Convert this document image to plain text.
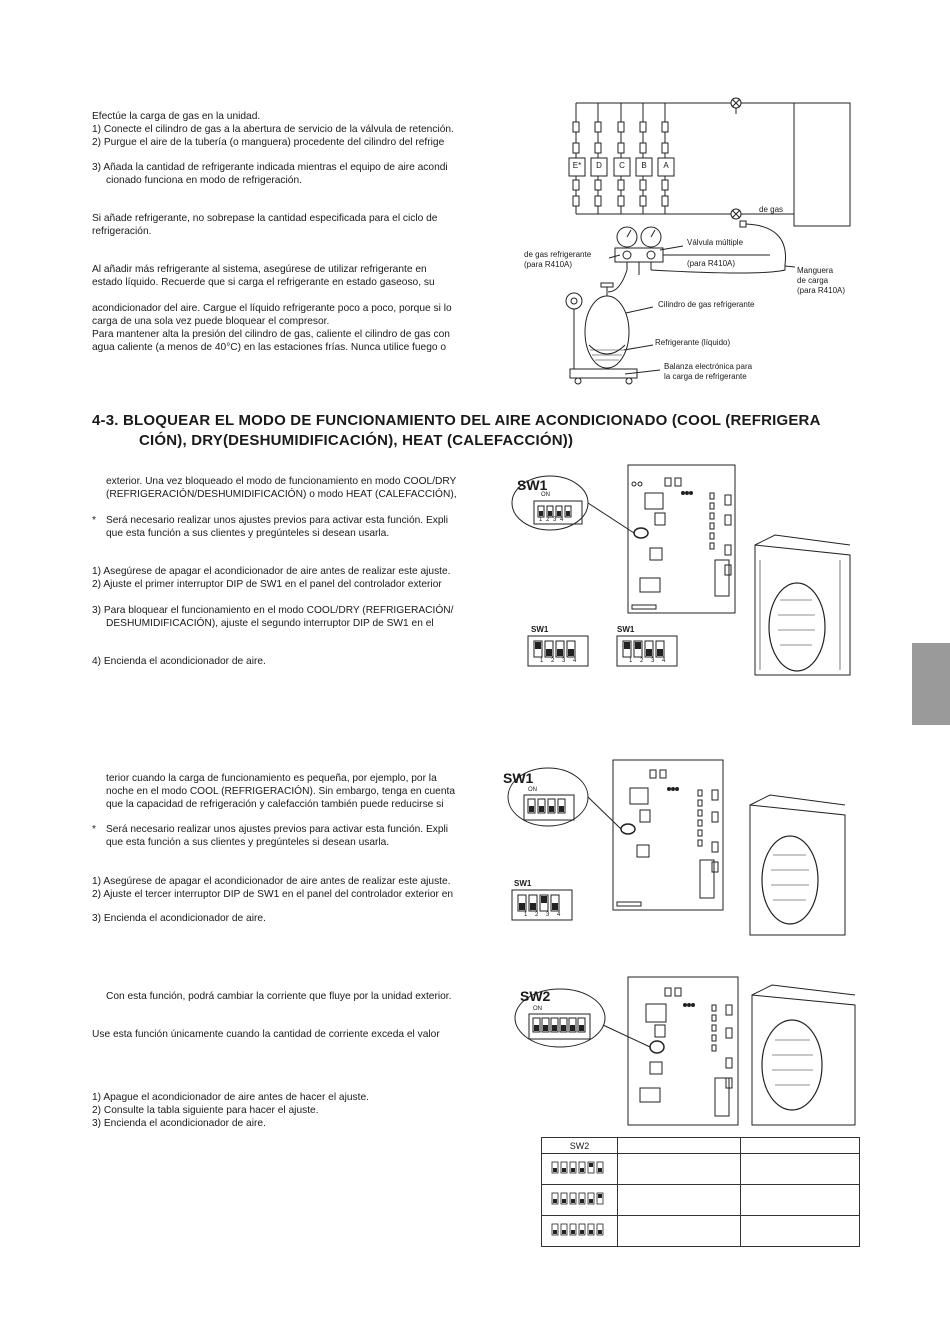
Efectúe la carga de gas en la unidad.
1) Conecte el cilindro de gas a la abertura de servicio de la válvula de retención.
2) Purgue el aire de la tubería (o manguera) procedente del cilindro del refrige
3) Añada la cantidad de refrigerante indicada mientras el equipo de aire acondi
cionado funciona en modo de refrigeración.
Si añade refrigerante, no sobrepase la cantidad especificada para el ciclo de
refrigeración.
Al añadir más refrigerante al sistema, asegúrese de utilizar refrigerante en
estado líquido. Recuerde que si carga el refrigerante en estado gaseoso, su
acondicionador del aire. Cargue el líquido refrigerante poco a poco, porque si lo
carga de una sola vez puede bloquear el compresor.
Para mantener alta la presión del cilindro de gas, caliente el cilindro de gas con
agua caliente (a menos de 40°C) en las estaciones frías. Nunca utilice fuego o
E* D C B A
de gas
Válvula múltiple
(para R410A)
de gas refrigerante
(para R410A)
Manguera
de carga
(para R410A)
Cilindro de gas refrigerante
Refrigerante (líquido)
Balanza electrónica para
la carga de refrigerante
4-3. BLOQUEAR EL MODO DE FUNCIONAMIENTO DEL AIRE ACONDICIONADO (COOL (REFRIGERA
CIÓN), DRY(DESHUMIDIFICACIÓN), HEAT (CALEFACCIÓN))
exterior. Una vez bloqueado el modo de funcionamiento en modo COOL/DRY
(REFRIGERACIÓN/DESHUMIDIFICACIÓN) o modo HEAT (CALEFACCIÓN),
* Será necesario realizar unos ajustes previos para activar esta función. Expli
que esta función a sus clientes y pregúnteles si desean usarla.
1) Asegúrese de apagar el acondicionador de aire antes de realizar este ajuste.
2) Ajuste el primer interruptor DIP de SW1 en el panel del controlador exterior
3) Para bloquear el funcionamiento en el modo COOL/DRY (REFRIGERACIÓN/
DESHUMIDIFICACIÓN), ajuste el segundo interruptor DIP de SW1 en el
4) Encienda el acondicionador de aire.
SW1
ON
1 2 3 4
SW1	SW1
1 2 3 4	1 2 3 4
terior cuando la carga de funcionamiento es pequeña, por ejemplo, por la
noche en el modo COOL (REFRIGERACIÓN). Sin embargo, tenga en cuenta
que la capacidad de refrigeración y calefacción también puede reducirse si
* Será necesario realizar unos ajustes previos para activar esta función. Expli
que esta función a sus clientes y pregúnteles si desean usarla.
1) Asegúrese de apagar el acondicionador de aire antes de realizar este ajuste.
2) Ajuste el tercer interruptor DIP de SW1 en el panel del controlador exterior en
3) Encienda el acondicionador de aire.
SW1
ON
SW1
1 2 3 4
Con esta función, podrá cambiar la corriente que fluye por la unidad exterior.
Use esta función únicamente cuando la cantidad de corriente exceda el valor
1) Apague el acondicionador de aire antes de hacer el ajuste.
2) Consulte la tabla siguiente para hacer el ajuste.
3) Encienda el acondicionador de aire.
SW2
ON
SW2		
